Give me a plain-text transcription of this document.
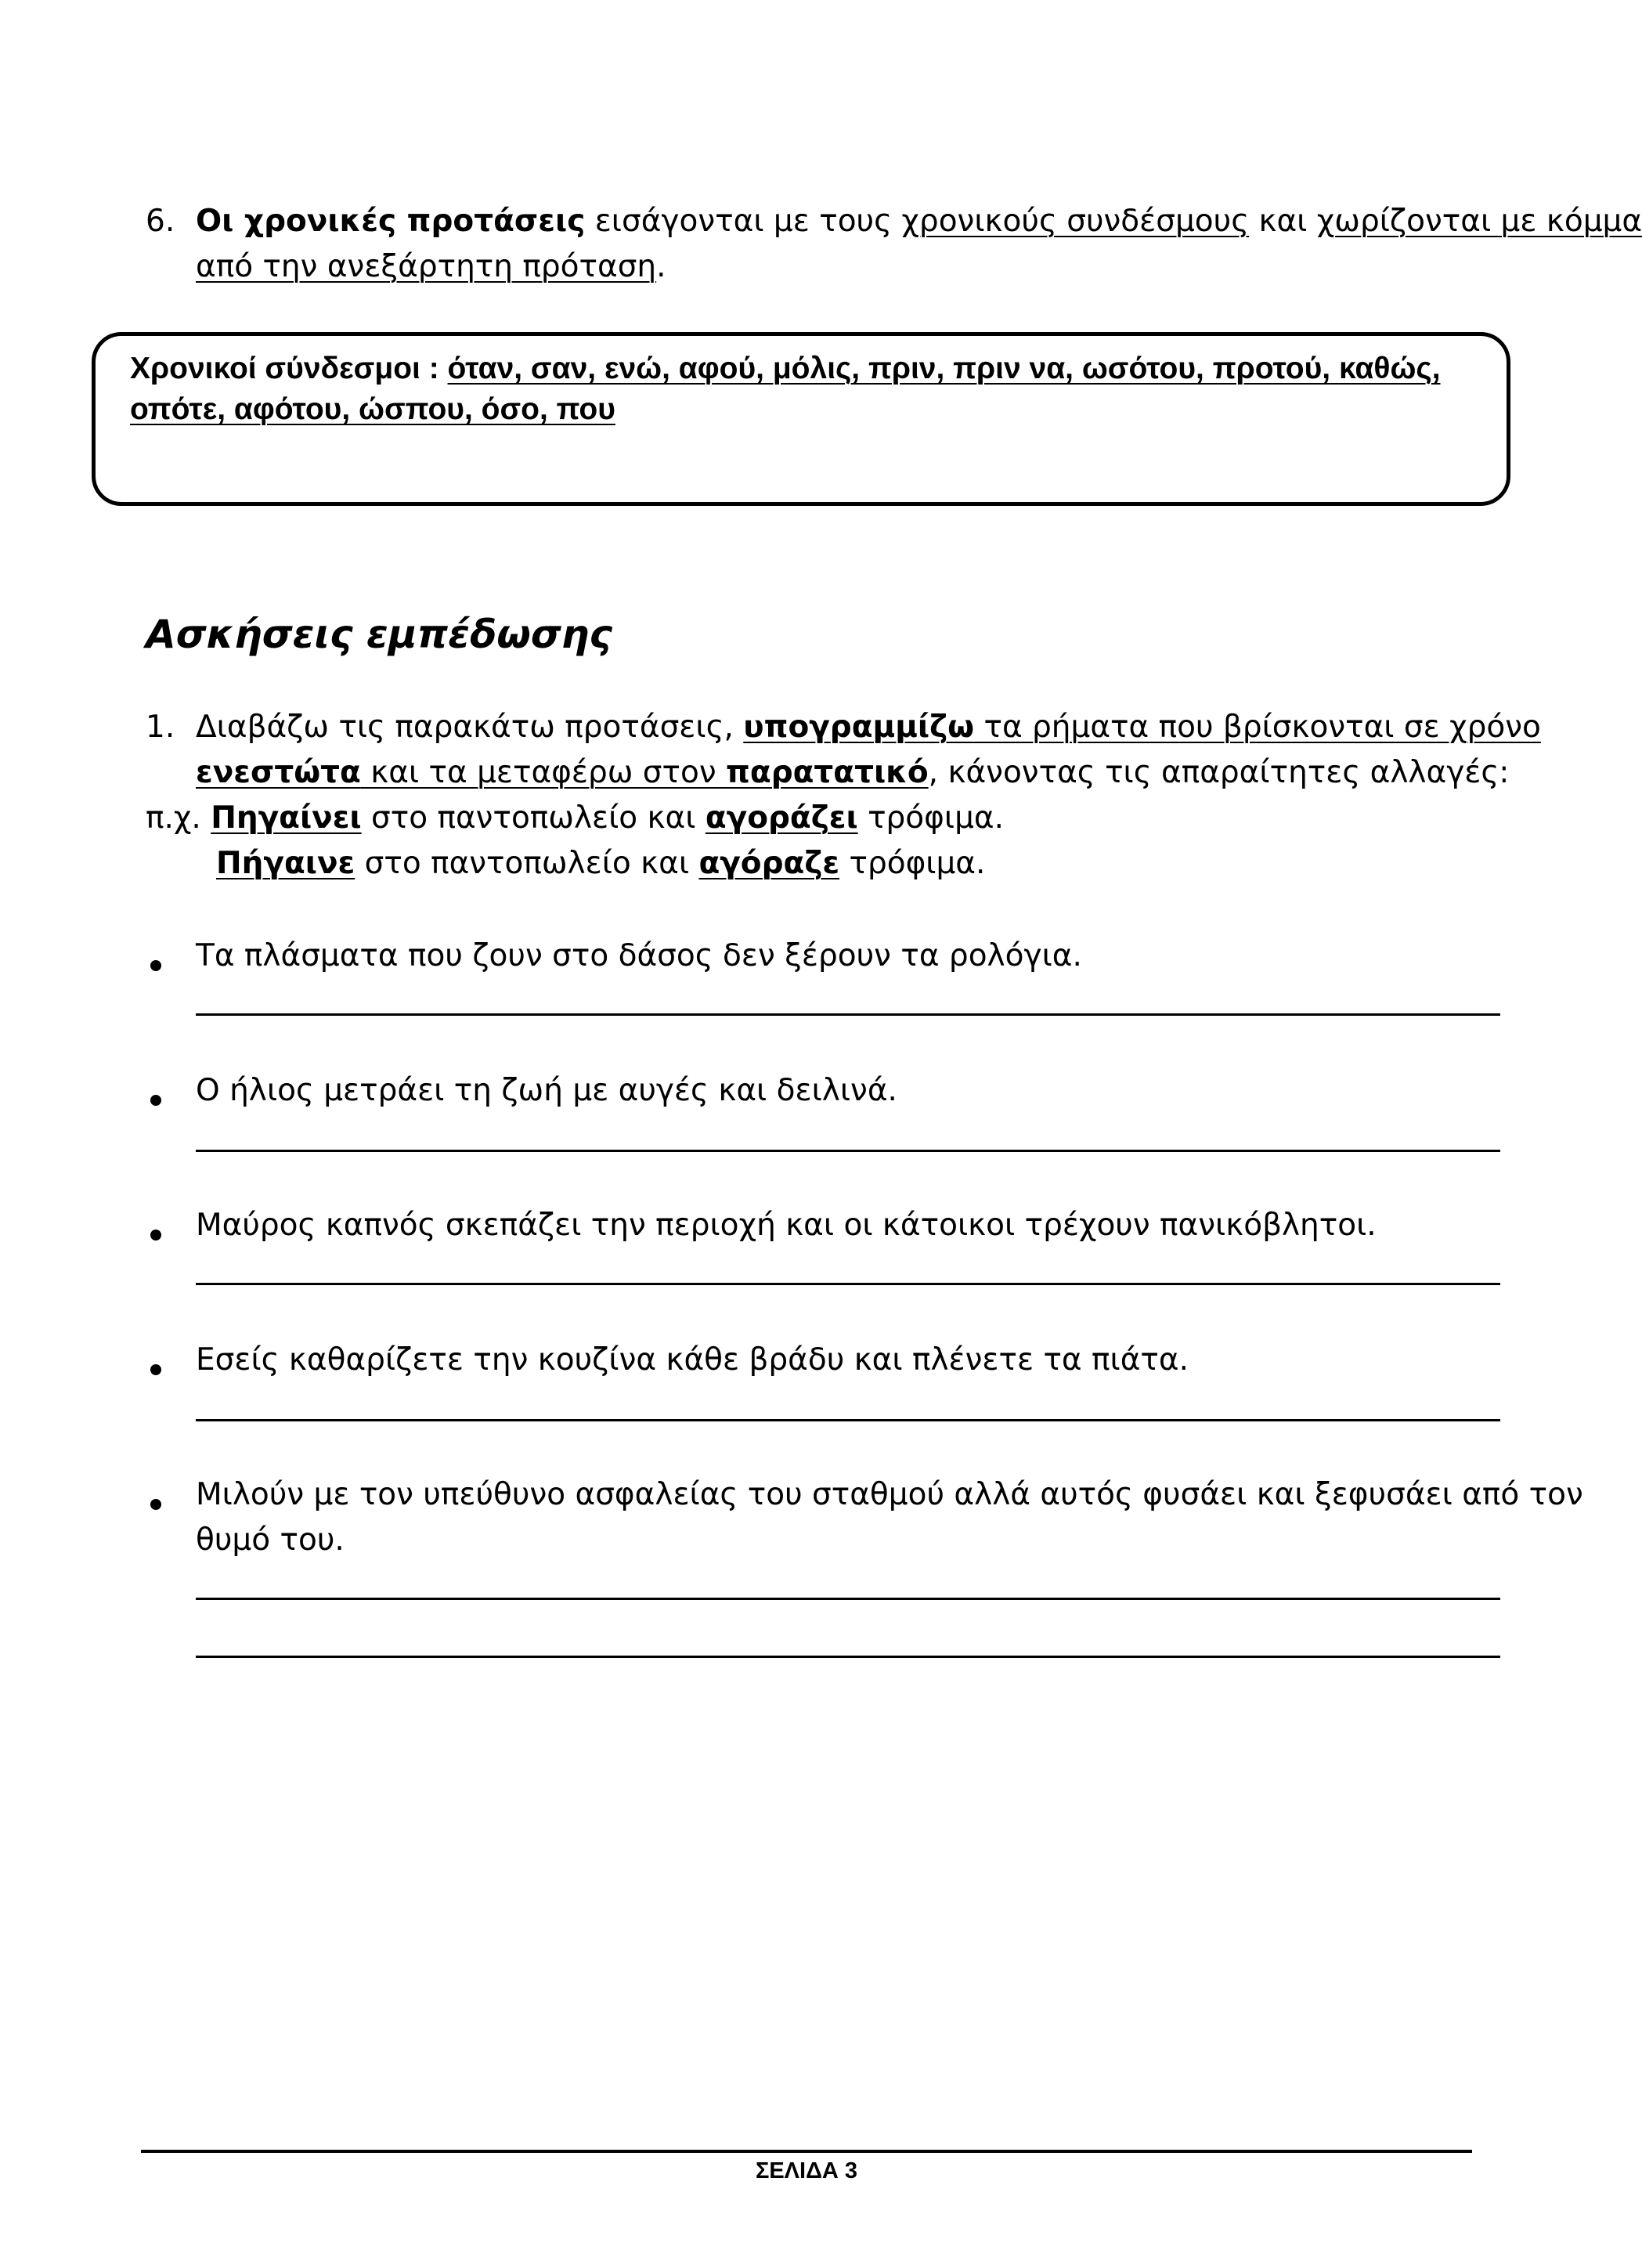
6. Οι χρονικές προτάσεις εισάγονται με τους χρονικούς συνδέσμους και χωρίζονται με κόμμα
από την ανεξάρτητη πρόταση.
Χρονικοί σύνδεσμοι : όταν, σαν, ενώ, αφού, μόλις, πριν, πριν να, ωσότου, προτού, καθώς, οπότε, αφότου, ώσπου, όσο, που
Ασκήσεις εμπέδωσης
1. Διαβάζω τις παρακάτω προτάσεις, υπογραμμίζω τα ρήματα που βρίσκονται σε χρόνο
ενεστώτα και τα μεταφέρω στον παρατατικό, κάνοντας τις απαραίτητες αλλαγές:
π.χ. Πηγαίνει στο παντοπωλείο και αγοράζει τρόφιμα.
Πήγαινε στο παντοπωλείο και αγόραζε τρόφιμα.
Τα πλάσματα που ζουν στο δάσος δεν ξέρουν τα ρολόγια.
Ο ήλιος μετράει τη ζωή με αυγές και δειλινά.
Μαύρος καπνός σκεπάζει την περιοχή και οι κάτοικοι τρέχουν πανικόβλητοι.
Εσείς καθαρίζετε την κουζίνα κάθε βράδυ και πλένετε τα πιάτα.
Μιλούν με τον υπεύθυνο ασφαλείας του σταθμού αλλά αυτός φυσάει και ξεφυσάει από τον
θυμό του.
ΣΕΛΙΔΑ 3
